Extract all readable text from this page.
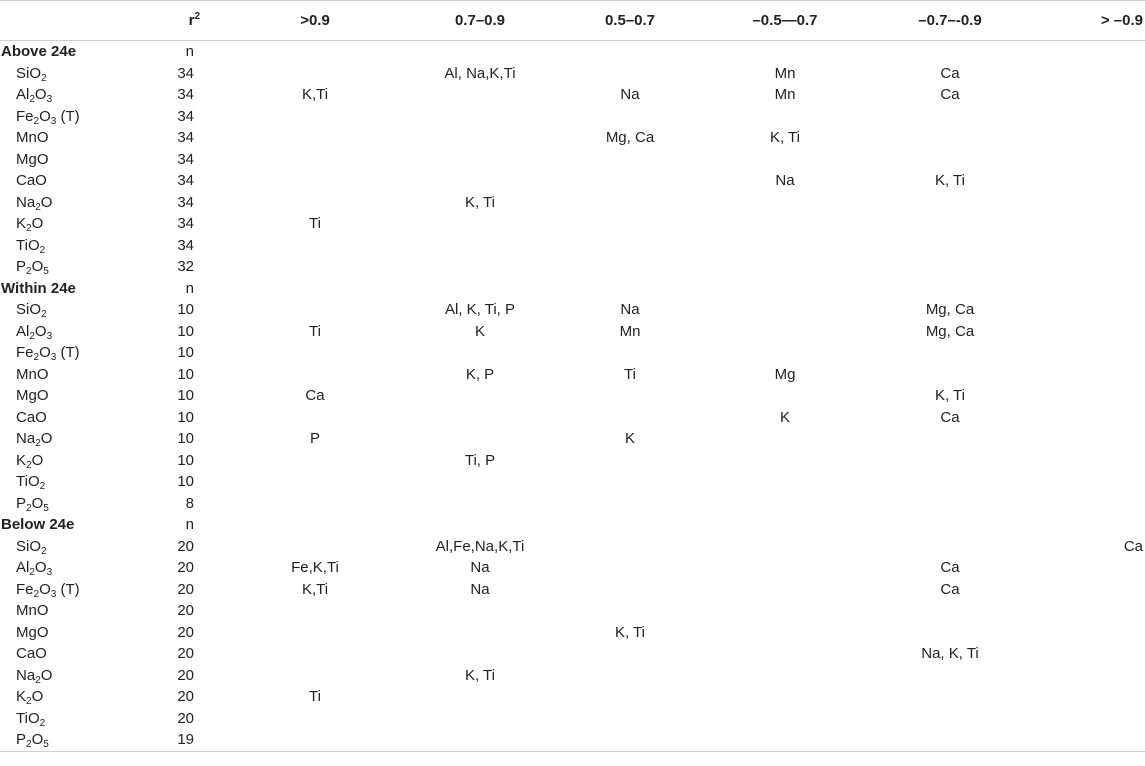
	$r^2$	>0.9	0.7–0.9	0.5–0.7	–0.5—0.7	–0.7–-0.9	> –0.9
Above 24e	n						
SiO$_2$	34		Al, Na,K,Ti		Mn	Ca	
$Al_2O_3$	34	K,Ti		Na	Mn	Ca	
$Fe_2O_3$ (T)	34						
MnO	34			Mg, Ca	K, Ti		
MgO	34						
CaO	34				Na	K, Ti	
$Na_2O$	34		K, Ti				
$K_2O$	34	Ti					
TiO$_2$	34						
$P_2O_5$	32						
Within 24e	n						
SiO$_2$	10		Al, K, Ti, P	Na		Mg, Ca	
$Al_2O_3$	10	Ti	K	Mn		Mg, Ca	
$Fe_2O_3$ (T)	10						
MnO	10		K, P	Ti	Mg		
MgO	10	Ca				K, Ti	
CaO	10				K	Ca	
$Na_2O$	10	P		K			
$K_2O$	10		Ti, P				
TiO$_2$	10						
$P_2O_5$	8						
Below 24e	n						
SiO$_2$	20		Al,Fe,Na,K,Ti				Ca
$Al_2O_3$	20	Fe,K,Ti	Na			Ca	
$Fe_2O_3$ (T)	20	K,Ti	Na			Ca	
MnO	20						
MgO	20			K, Ti			
CaO	20					Na, K, Ti	
$Na_2O$	20		K, Ti				
$K_2O$	20	Ti					
TiO$_2$	20						
$P_2O_5$	19						
